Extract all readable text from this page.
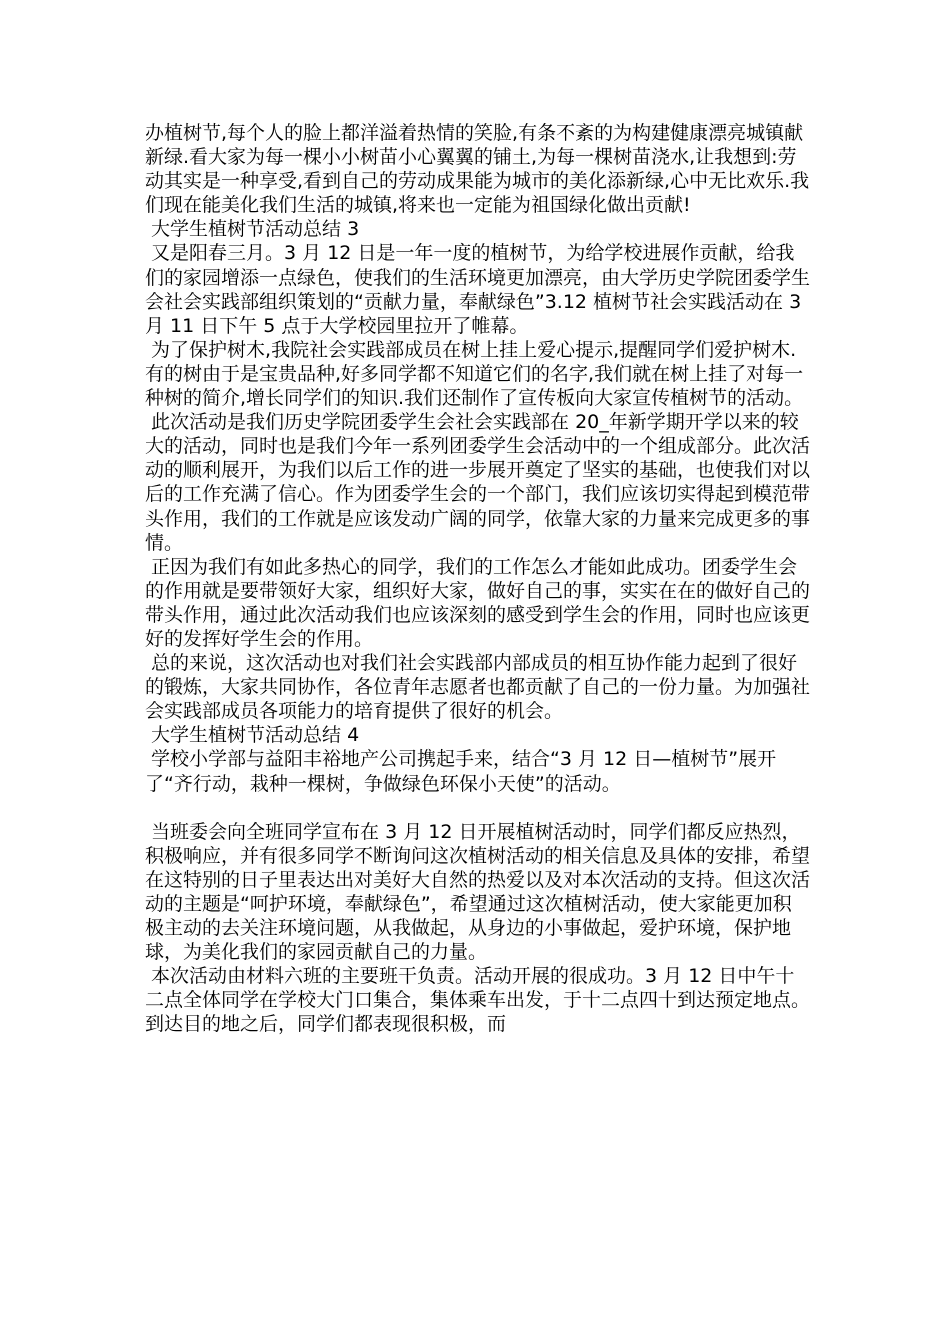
办植树节,每个人的脸上都洋溢着热情的笑脸,有条不紊的为构建健康漂亮城镇献新绿.看大家为每一棵小小树苗小心翼翼的铺土,为每一棵树苗浇水,让我想到:劳动其实是一种享受,看到自己的劳动成果能为城市的美化添新绿,心中无比欢乐.我们现在能美化我们生活的城镇,将来也一定能为祖国绿化做出贡献!

大学生植树节活动总结 3

又是阳春三月。3 月 12 日是一年一度的植树节，为给学校进展作贡献，给我们的家园增添一点绿色，使我们的生活环境更加漂亮，由大学历史学院团委学生会社会实践部组织策划的“贡献力量，奉献绿色”3.12 植树节社会实践活动在 3 月 11 日下午 5 点于大学校园里拉开了帷幕。

为了保护树木,我院社会实践部成员在树上挂上爱心提示,提醒同学们爱护树木.有的树由于是宝贵品种,好多同学都不知道它们的名字,我们就在树上挂了对每一种树的简介,增长同学们的知识.我们还制作了宣传板向大家宣传植树节的活动。

此次活动是我们历史学院团委学生会社会实践部在 20_年新学期开学以来的较大的活动，同时也是我们今年一系列团委学生会活动中的一个组成部分。此次活动的顺利展开，为我们以后工作的进一步展开奠定了坚实的基础，也使我们对以后的工作充满了信心。作为团委学生会的一个部门，我们应该切实得起到模范带头作用，我们的工作就是应该发动广阔的同学，依靠大家的力量来完成更多的事情。

正因为我们有如此多热心的同学，我们的工作怎么才能如此成功。团委学生会的作用就是要带领好大家，组织好大家，做好自己的事，实实在在的做好自己的带头作用，通过此次活动我们也应该深刻的感受到学生会的作用，同时也应该更好的发挥好学生会的作用。

总的来说，这次活动也对我们社会实践部内部成员的相互协作能力起到了很好的锻炼，大家共同协作，各位青年志愿者也都贡献了自己的一份力量。为加强社会实践部成员各项能力的培育提供了很好的机会。

大学生植树节活动总结 4

学校小学部与益阳丰裕地产公司携起手来，结合“3 月 12 日—植树节”展开了“齐行动，栽种一棵树，争做绿色环保小天使”的活动。

当班委会向全班同学宣布在 3 月 12 日开展植树活动时，同学们都反应热烈，积极响应，并有很多同学不断询问这次植树活动的相关信息及具体的安排，希望在这特别的日子里表达出对美好大自然的热爱以及对本次活动的支持。但这次活动的主题是“呵护环境，奉献绿色”，希望通过这次植树活动，使大家能更加积极主动的去关注环境问题，从我做起，从身边的小事做起，爱护环境，保护地球，为美化我们的家园贡献自己的力量。

本次活动由材料六班的主要班干负责。活动开展的很成功。3 月 12 日中午十二点全体同学在学校大门口集合，集体乘车出发，于十二点四十到达预定地点。到达目的地之后，同学们都表现很积极，而
